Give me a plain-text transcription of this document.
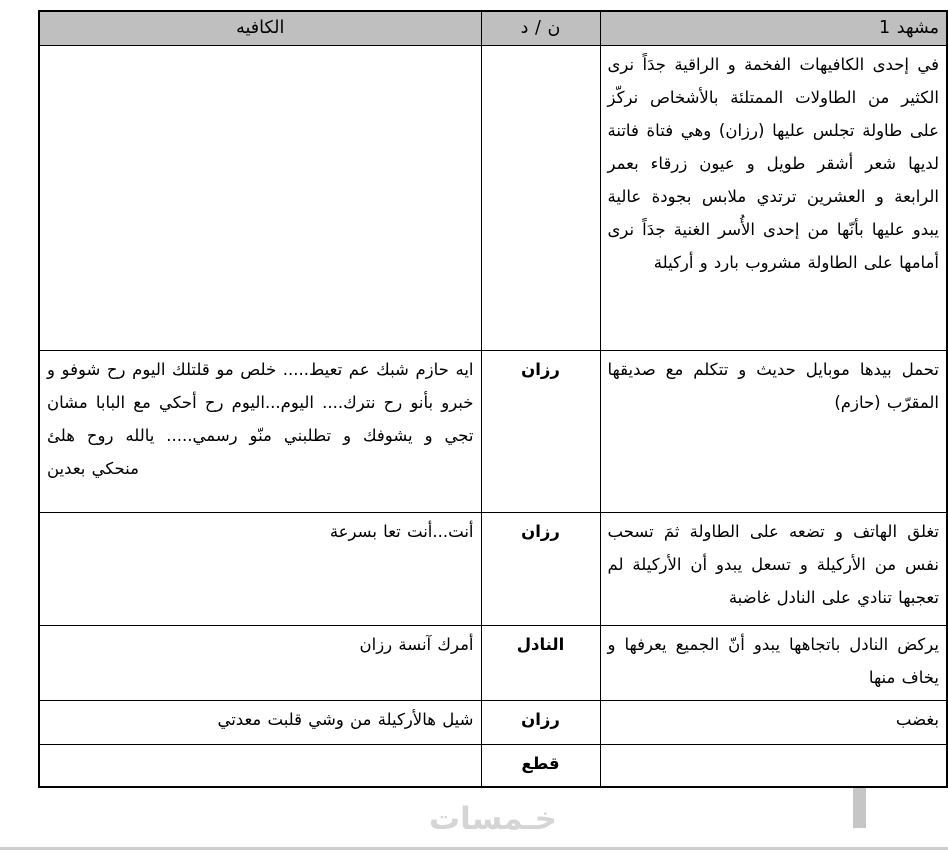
مشهد 1	ن / د	الكافيه
في إحدى الكافيهات الفخمة و الراقية جدَاً نرى الكثير من الطاولات الممتلئة بالأشخاص نركّز على طاولة تجلس عليها (رزان) وهي فتاة فاتنة لديها شعر أشقر طويل و عيون زرقاء بعمر الرابعة و العشرين ترتدي ملابس بجودة عالية يبدو عليها بأنّها من إحدى الأُسر الغنية جدَاً نرى أمامها على الطاولة مشروب بارد و أركيلة		
تحمل بيدها موبايل حديث و تتكلم مع صديقها المقرّب (حازم)	رزان	ايه حازم شبك عم تعيط..... خلص مو قلتلك اليوم رح شوفو و خبرو بأنو رح نترك.... اليوم...اليوم رح أحكي مع البابا مشان تجي و يشوفك و تطلبني منّو رسمي..... يالله روح هلئ منحكي بعدين
تغلق الهاتف و تضعه على الطاولة ثمَ تسحب نفس من الأركيلة و تسعل يبدو أن الأركيلة لم تعجبها تنادي على النادل غاضبة	رزان	أنت...أنت تعا بسرعة
يركض النادل باتجاهها يبدو أنّ الجميع يعرفها و يخاف منها	النادل	أمرك آنسة رزان
بغضب	رزان	شيل هالأركيلة من وشي قلبت معدتي
	قطع	
خـمسات
